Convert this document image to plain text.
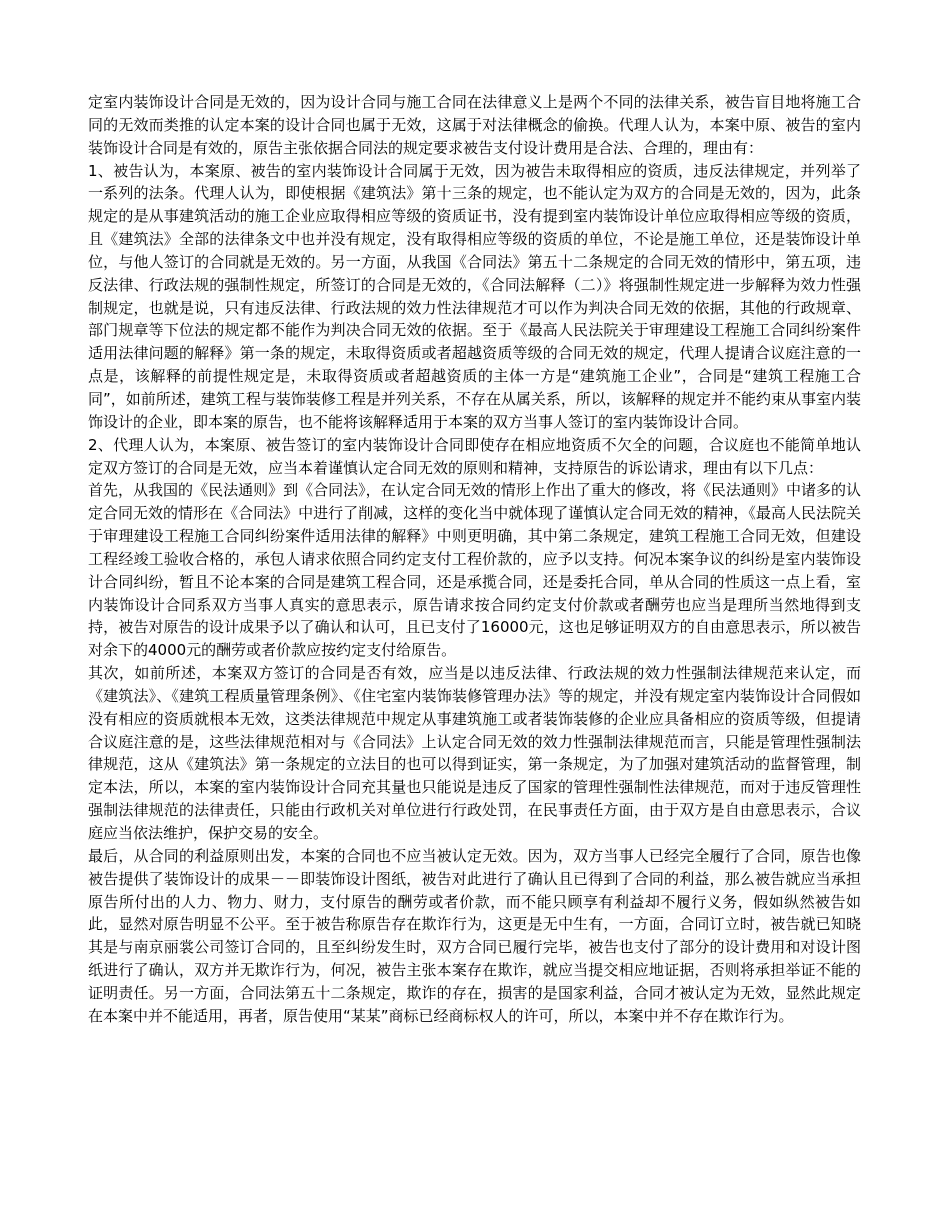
定室内装饰设计合同是无效的，因为设计合同与施工合同在法律意义上是两个不同的法律关系，被告盲目地将施工合同的无效而类推的认定本案的设计合同也属于无效，这属于对法律概念的偷换。代理人认为，本案中原、被告的室内装饰设计合同是有效的，原告主张依据合同法的规定要求被告支付设计费用是合法、合理的，理由有：

1、被告认为，本案原、被告的室内装饰设计合同属于无效，因为被告未取得相应的资质，违反法律规定，并列举了一系列的法条。代理人认为，即使根据《建筑法》第十三条的规定，也不能认定为双方的合同是无效的，因为，此条规定的是从事建筑活动的施工企业应取得相应等级的资质证书，没有提到室内装饰设计单位应取得相应等级的资质，且《建筑法》全部的法律条文中也并没有规定，没有取得相应等级的资质的单位，不论是施工单位，还是装饰设计单位，与他人签订的合同就是无效的。另一方面，从我国《合同法》第五十二条规定的合同无效的情形中，第五项，违反法律、行政法规的强制性规定，所签订的合同是无效的，《合同法解释（二）》将强制性规定进一步解释为效力性强制规定，也就是说，只有违反法律、行政法规的效力性法律规范才可以作为判决合同无效的依据，其他的行政规章、部门规章等下位法的规定都不能作为判决合同无效的依据。至于《最高人民法院关于审理建设工程施工合同纠纷案件适用法律问题的解释》第一条的规定，未取得资质或者超越资质等级的合同无效的规定，代理人提请合议庭注意的一点是，该解释的前提性规定是，未取得资质或者超越资质的主体一方是“建筑施工企业”，合同是“建筑工程施工合同”，如前所述，建筑工程与装饰装修工程是并列关系，不存在从属关系，所以，该解释的规定并不能约束从事室内装饰设计的企业，即本案的原告，也不能将该解释适用于本案的双方当事人签订的室内装饰设计合同。

2、代理人认为，本案原、被告签订的室内装饰设计合同即使存在相应地资质不欠全的问题，合议庭也不能简单地认定双方签订的合同是无效，应当本着谨慎认定合同无效的原则和精神，支持原告的诉讼请求，理由有以下几点：

首先，从我国的《民法通则》到《合同法》，在认定合同无效的情形上作出了重大的修改，将《民法通则》中诸多的认定合同无效的情形在《合同法》中进行了削减，这样的变化当中就体现了谨慎认定合同无效的精神，《最高人民法院关于审理建设工程施工合同纠纷案件适用法律的解释》中则更明确，其中第二条规定，建筑工程施工合同无效，但建设工程经竣工验收合格的，承包人请求依照合同约定支付工程价款的，应予以支持。何况本案争议的纠纷是室内装饰设计合同纠纷，暂且不论本案的合同是建筑工程合同，还是承揽合同，还是委托合同，单从合同的性质这一点上看，室内装饰设计合同系双方当事人真实的意思表示，原告请求按合同约定支付价款或者酬劳也应当是理所当然地得到支持，被告对原告的设计成果予以了确认和认可，且已支付了16000元，这也足够证明双方的自由意思表示，所以被告对余下的4000元的酬劳或者价款应按约定支付给原告。

其次，如前所述，本案双方签订的合同是否有效，应当是以违反法律、行政法规的效力性强制法律规范来认定，而《建筑法》、《建筑工程质量管理条例》、《住宅室内装饰装修管理办法》等的规定，并没有规定室内装饰设计合同假如没有相应的资质就根本无效，这类法律规范中规定从事建筑施工或者装饰装修的企业应具备相应的资质等级，但提请合议庭注意的是，这些法律规范相对与《合同法》上认定合同无效的效力性强制法律规范而言，只能是管理性强制法律规范，这从《建筑法》第一条规定的立法目的也可以得到证实，第一条规定，为了加强对建筑活动的监督管理，制定本法，所以，本案的室内装饰设计合同充其量也只能说是违反了国家的管理性强制性法律规范，而对于违反管理性强制法律规范的法律责任，只能由行政机关对单位进行行政处罚，在民事责任方面，由于双方是自由意思表示，合议庭应当依法维护，保护交易的安全。

最后，从合同的利益原则出发，本案的合同也不应当被认定无效。因为，双方当事人已经完全履行了合同，原告也像被告提供了装饰设计的成果－－即装饰设计图纸，被告对此进行了确认且已得到了合同的利益，那么被告就应当承担原告所付出的人力、物力、财力，支付原告的酬劳或者价款，而不能只顾享有利益却不履行义务，假如纵然被告如此，显然对原告明显不公平。至于被告称原告存在欺诈行为，这更是无中生有，一方面，合同订立时，被告就已知晓其是与南京丽裳公司签订合同的，且至纠纷发生时，双方合同已履行完毕，被告也支付了部分的设计费用和对设计图纸进行了确认，双方并无欺诈行为，何况，被告主张本案存在欺诈，就应当提交相应地证据，否则将承担举证不能的证明责任。另一方面，合同法第五十二条规定，欺诈的存在，损害的是国家利益，合同才被认定为无效，显然此规定在本案中并不能适用，再者，原告使用“某某”商标已经商标权人的许可，所以，本案中并不存在欺诈行为。
